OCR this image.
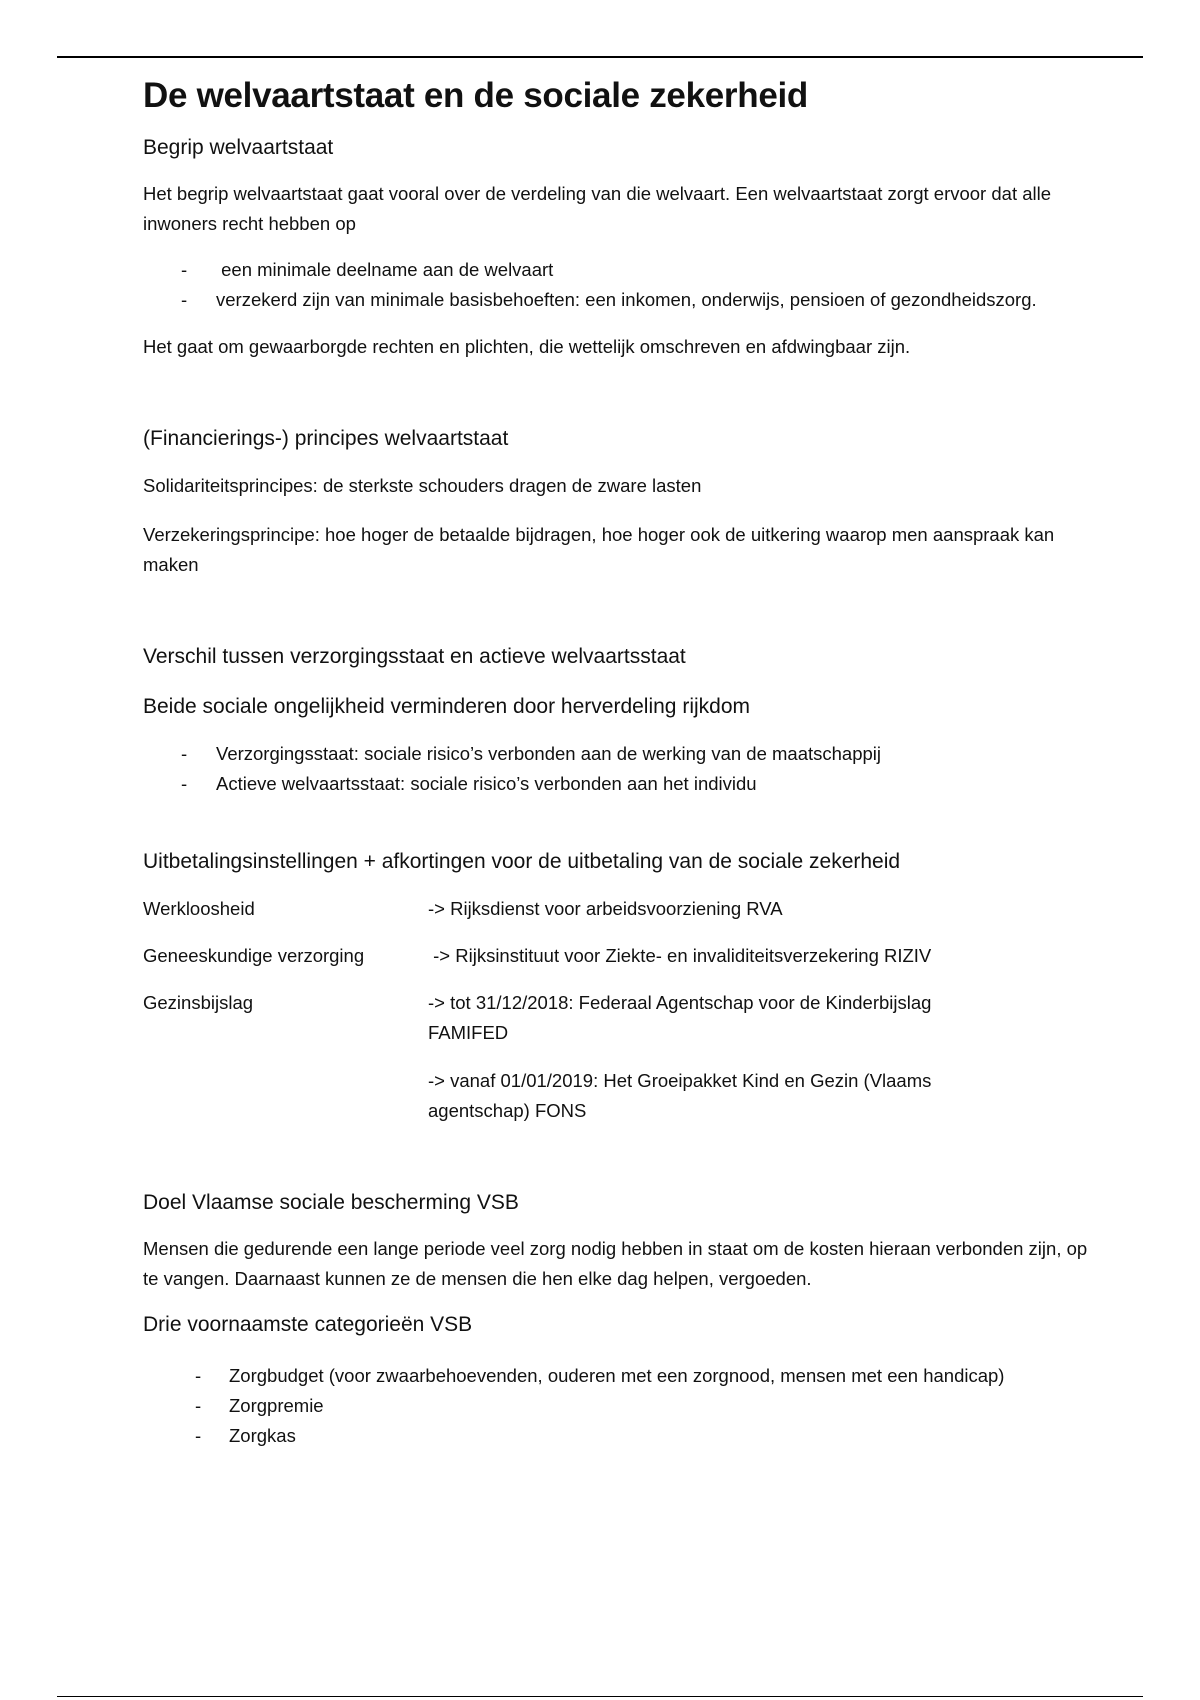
De welvaartstaat en de sociale zekerheid
Begrip welvaartstaat

Het begrip welvaartstaat gaat vooral over de verdeling van die welvaart. Een welvaartstaat zorgt ervoor dat alle inwoners recht hebben op

- een minimale deelname aan de welvaart
- verzekerd zijn van minimale basisbehoeften: een inkomen, onderwijs, pensioen of gezondheidszorg.

Het gaat om gewaarborgde rechten en plichten, die wettelijk omschreven en afdwingbaar zijn.

(Financierings-) principes welvaartstaat

Solidariteitsprincipes: de sterkste schouders dragen de zware lasten

Verzekeringsprincipe: hoe hoger de betaalde bijdragen, hoe hoger ook de uitkering waarop men aanspraak kan maken

Verschil tussen verzorgingsstaat en actieve welvaartsstaat
Beide sociale ongelijkheid verminderen door herverdeling rijkdom
- Verzorgingsstaat: sociale risico’s verbonden aan de werking van de maatschappij
- Actieve welvaartsstaat: sociale risico’s verbonden aan het individu
Uitbetalingsinstellingen + afkortingen voor de uitbetaling van de sociale zekerheid
Werkloosheid	-> Rijksdienst voor arbeidsvoorziening RVA
Geneeskundige verzorging	-> Rijksinstituut voor Ziekte- en invaliditeitsverzekering RIZIV
Gezinsbijslag	-> tot 31/12/2018: Federaal Agentschap voor de Kinderbijslag FAMIFED
-> vanaf 01/01/2019: Het Groeipakket Kind en Gezin (Vlaams agentschap) FONS
Doel Vlaamse sociale bescherming VSB

Mensen die gedurende een lange periode veel zorg nodig hebben in staat om de kosten hieraan verbonden zijn, op te vangen. Daarnaast kunnen ze de mensen die hen elke dag helpen, vergoeden.

Drie voornaamste categorieën VSB
- Zorgbudget (voor zwaarbehoevenden, ouderen met een zorgnood, mensen met een handicap)
- Zorgpremie
- Zorgkas
